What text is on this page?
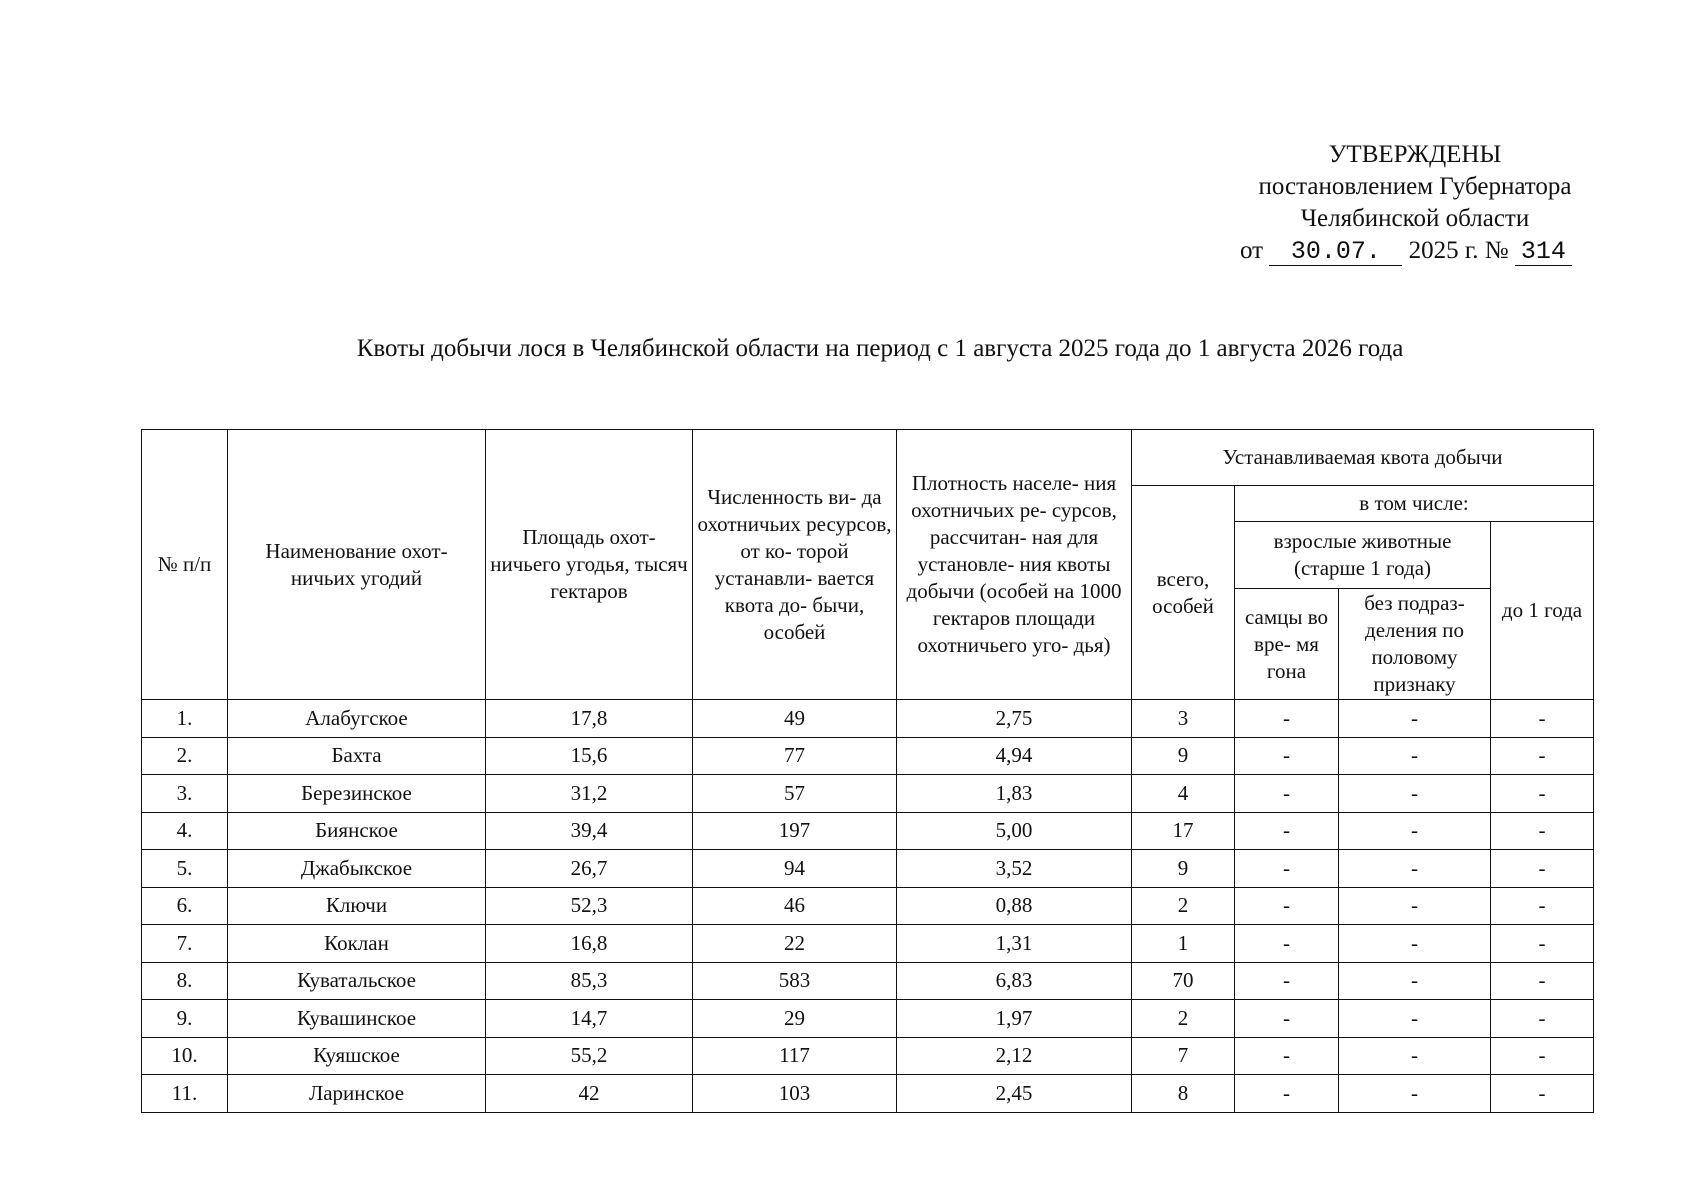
УТВЕРЖДЕНЫ
постановлением Губернатора
Челябинской области
от 30.07. 2025 г. № 314
Квоты добычи лося в Челябинской области на период с 1 августа 2025 года до 1 августа 2026 года
№ п/п	Наименование охот- ничьих угодий	Площадь охот- ничьего угодья, тысяч гектаров	Численность ви- да охотничьих ресурсов, от ко- торой устанавли- вается квота до- бычи, особей	Плотность населе- ния охотничьих ре- сурсов, рассчитан- ная для установле- ния квоты добычи (особей на 1000 гектаров площади охотничьего уго- дья)	Устанавливаемая квота добычи			
					всего, особей	в том числе:		
						взрослые животные (старше 1 года)		до 1 года
						самцы во вре- мя гона	без подраз- деления по половому признаку	
1.	Алабугское	17,8	49	2,75	3	-	-	-
2.	Бахта	15,6	77	4,94	9	-	-	-
3.	Березинское	31,2	57	1,83	4	-	-	-
4.	Биянское	39,4	197	5,00	17	-	-	-
5.	Джабыкское	26,7	94	3,52	9	-	-	-
6.	Ключи	52,3	46	0,88	2	-	-	-
7.	Коклан	16,8	22	1,31	1	-	-	-
8.	Куватальское	85,3	583	6,83	70	-	-	-
9.	Кувашинское	14,7	29	1,97	2	-	-	-
10.	Куяшское	55,2	117	2,12	7	-	-	-
11.	Ларинское	42	103	2,45	8	-	-	-
